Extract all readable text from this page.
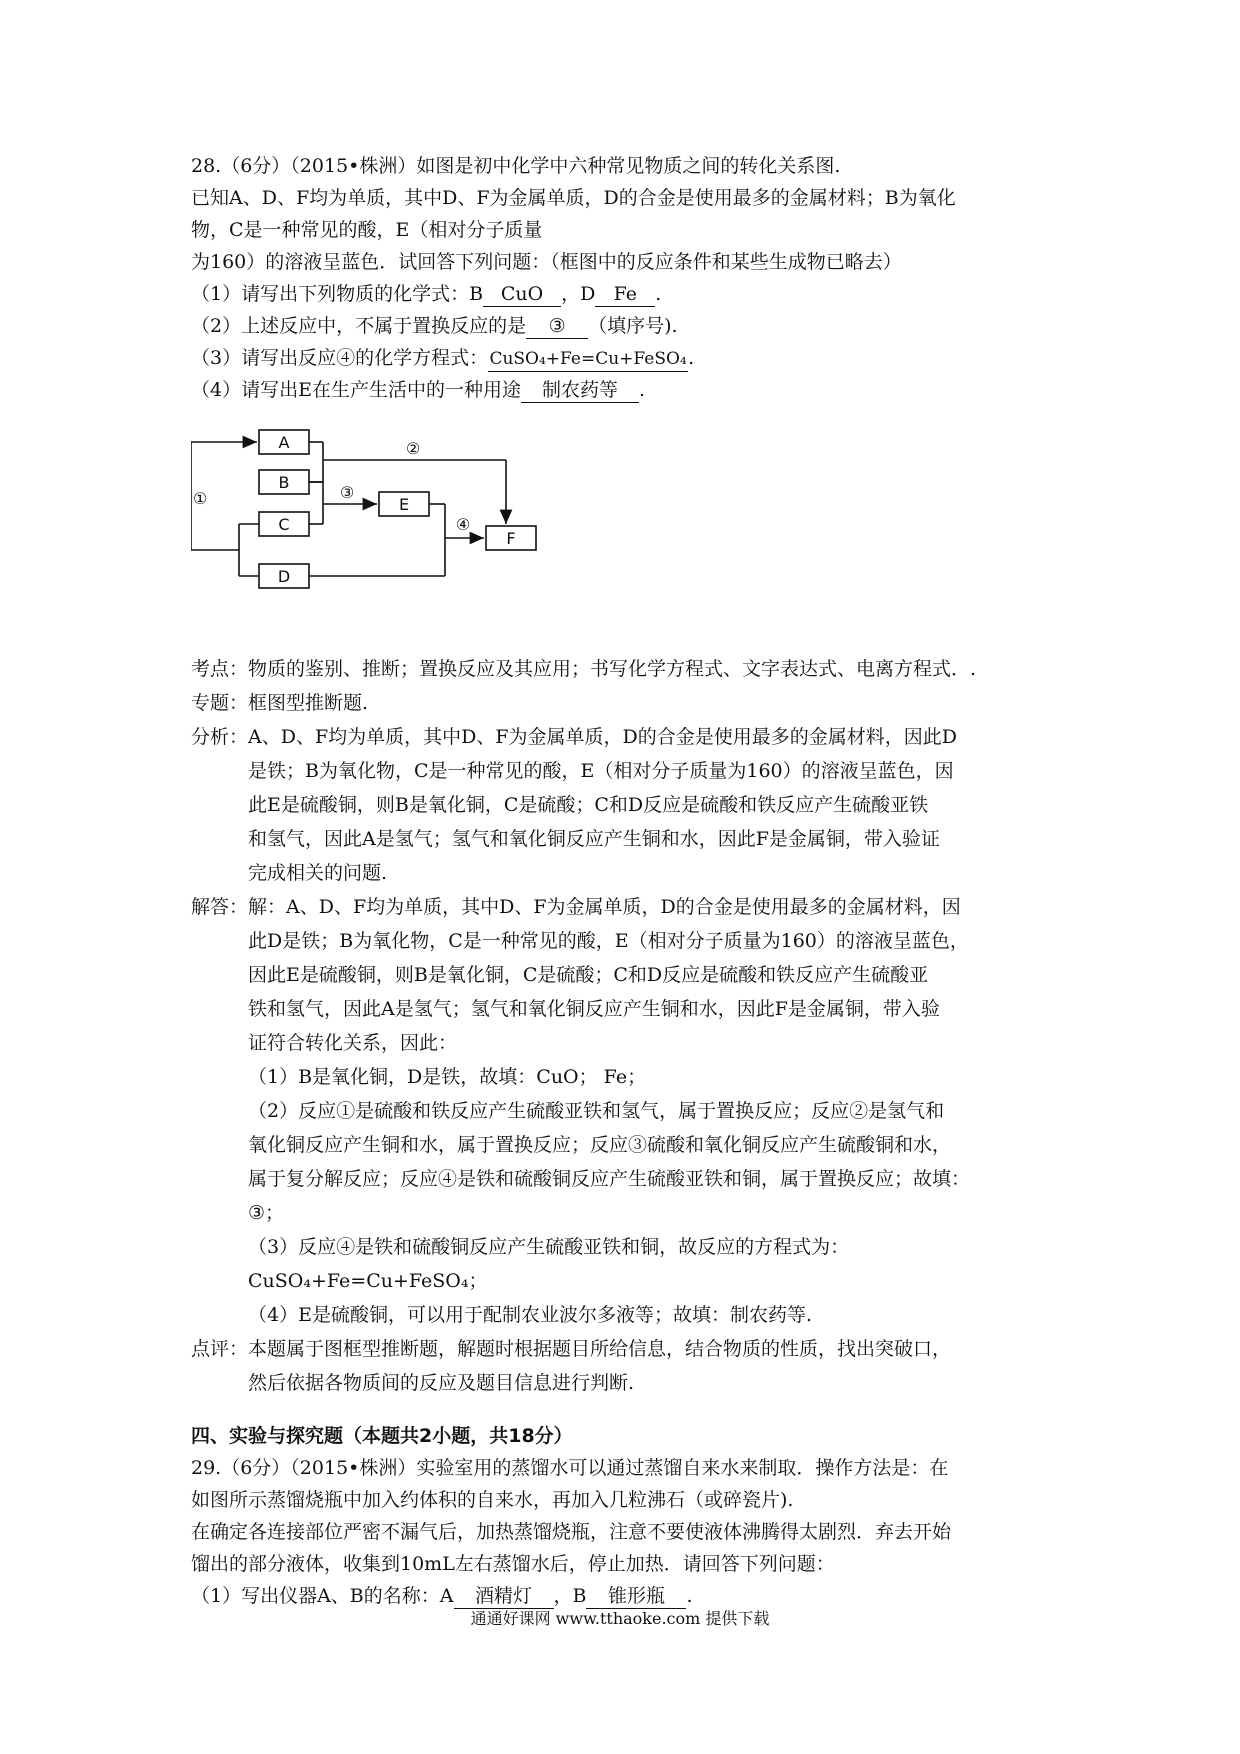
28.（6分）（2015•株洲）如图是初中化学中六种常见物质之间的转化关系图.
已知A、D、F均为单质，其中D、F为金属单质，D的合金是使用最多的金属材料；B为氧化
物，C是一种常见的酸，E（相对分子质量
为160）的溶液呈蓝色．试回答下列问题：（框图中的反应条件和某些生成物已略去）
（1）请写出下列物质的化学式：B CuO ，D Fe .
（2）上述反应中，不属于置换反应的是 ③ （填序号).
（3）请写出反应④的化学方程式：CuSO₄+Fe=Cu+FeSO₄.
（4）请写出E在生产生活中的一种用途 制农药等 .
考点：物质的鉴别、推断；置换反应及其应用；书写化学方程式、文字表达式、电离方程式．.
专题：框图型推断题.
分析： A、D、F均为单质，其中D、F为金属单质，D的合金是使用最多的金属材料，因此D
是铁；B为氧化物，C是一种常见的酸，E（相对分子质量为160）的溶液呈蓝色，因
此E是硫酸铜，则B是氧化铜，C是硫酸；C和D反应是硫酸和铁反应产生硫酸亚铁
和氢气，因此A是氢气；氢气和氧化铜反应产生铜和水，因此F是金属铜，带入验证
完成相关的问题.
解答： 解：A、D、F均为单质，其中D、F为金属单质，D的合金是使用最多的金属材料，因
此D是铁；B为氧化物，C是一种常见的酸，E（相对分子质量为160）的溶液呈蓝色，
因此E是硫酸铜，则B是氧化铜，C是硫酸；C和D反应是硫酸和铁反应产生硫酸亚
铁和氢气，因此A是氢气；氢气和氧化铜反应产生铜和水，因此F是金属铜，带入验
证符合转化关系，因此：
（1）B是氧化铜，D是铁，故填：CuO； Fe；
（2）反应①是硫酸和铁反应产生硫酸亚铁和氢气，属于置换反应；反应②是氢气和
氧化铜反应产生铜和水，属于置换反应；反应③硫酸和氧化铜反应产生硫酸铜和水，
属于复分解反应；反应④是铁和硫酸铜反应产生硫酸亚铁和铜，属于置换反应；故填：
③；
（3）反应④是铁和硫酸铜反应产生硫酸亚铁和铜，故反应的方程式为：
CuSO₄+Fe=Cu+FeSO₄；
（4）E是硫酸铜，可以用于配制农业波尔多液等；故填：制农药等.
点评： 本题属于图框型推断题，解题时根据题目所给信息，结合物质的性质，找出突破口，
然后依据各物质间的反应及题目信息进行判断.
四、实验与探究题（本题共2小题，共18分）
29.（6分）（2015•株洲）实验室用的蒸馏水可以通过蒸馏自来水来制取．操作方法是：在
如图所示蒸馏烧瓶中加入约体积的自来水，再加入几粒沸石（或碎瓷片).
在确定各连接部位严密不漏气后，加热蒸馏烧瓶，注意不要使液体沸腾得太剧烈．弃去开始
馏出的部分液体，收集到10mL左右蒸馏水后，停止加热．请回答下列问题：
（1）写出仪器A、B的名称：A 酒精灯 ，B 锥形瓶 .
A
B
C
E
D
F
①
②
③
④
通通好课网 www.tthaoke.com 提供下载
